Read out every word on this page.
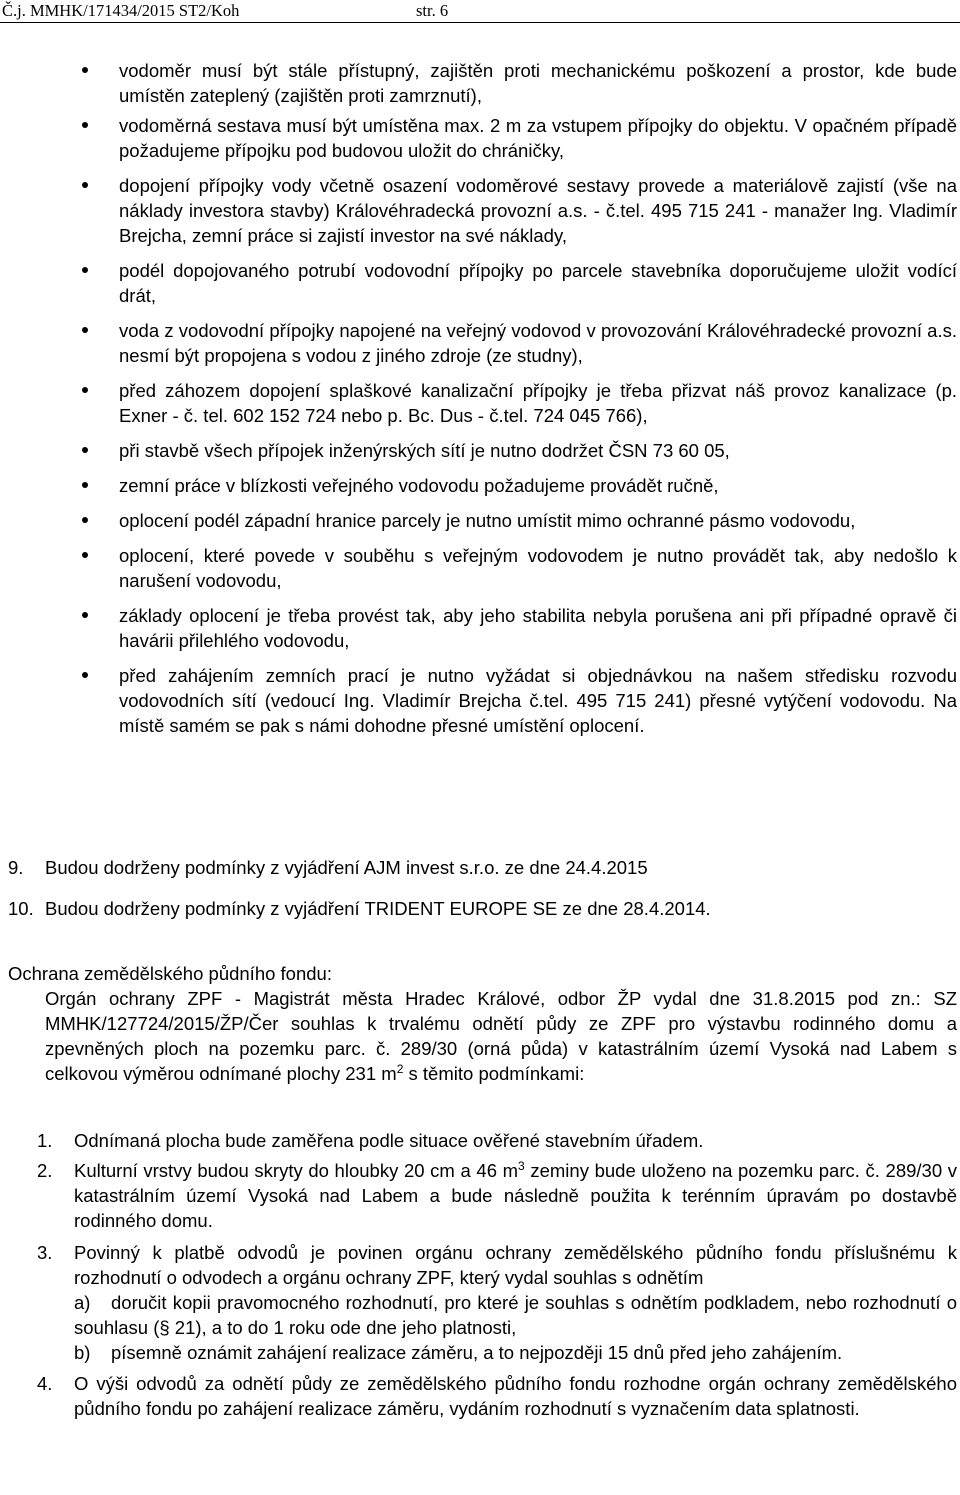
Č.j. MMHK/171434/2015 ST2/Koh	str. 6
vodoměr musí být stále přístupný, zajištěn proti mechanickému poškození a prostor, kde bude umístěn zateplený (zajištěn proti zamrznutí),
vodoměrná sestava musí být umístěna max. 2 m za vstupem přípojky do objektu. V opačném případě požadujeme přípojku pod budovou uložit do chráničky,
dopojení přípojky vody včetně osazení vodoměrové sestavy provede a materiálově zajistí (vše na náklady investora stavby) Královéhradecká provozní a.s. - č.tel. 495 715 241 - manažer Ing. Vladimír Brejcha, zemní práce si zajistí investor na své náklady,
podél dopojovaného potrubí vodovodní přípojky po parcele stavebníka doporučujeme uložit vodící drát,
voda z vodovodní přípojky napojené na veřejný vodovod v provozování Královéhradecké provozní a.s. nesmí být propojena s vodou z jiného zdroje (ze studny),
před záhozem dopojení splaškové kanalizační přípojky je třeba přizvat náš provoz kanalizace (p. Exner - č. tel. 602 152 724 nebo p. Bc. Dus - č.tel. 724 045 766),
při stavbě všech přípojek inženýrských sítí je nutno dodržet ČSN 73 60 05,
zemní práce v blízkosti veřejného vodovodu požadujeme provádět ručně,
oplocení podél západní hranice parcely je nutno umístit mimo ochranné pásmo vodovodu,
oplocení, které povede v souběhu s veřejným vodovodem je nutno provádět tak, aby nedošlo k narušení vodovodu,
základy oplocení je třeba provést tak, aby jeho stabilita nebyla porušena ani při případné opravě či havárii přilehlého vodovodu,
před zahájením zemních prací je nutno vyžádat si objednávkou na našem středisku rozvodu vodovodních sítí (vedoucí Ing. Vladimír Brejcha č.tel. 495 715 241) přesné vytýčení vodovodu. Na místě samém se pak s námi dohodne přesné umístění oplocení.
9. Budou dodrženy podmínky z vyjádření AJM invest s.r.o. ze dne 24.4.2015
10. Budou dodrženy podmínky z vyjádření TRIDENT EUROPE SE ze dne 28.4.2014.
Ochrana zemědělského půdního fondu:
Orgán ochrany ZPF - Magistrát města Hradec Králové, odbor ŽP vydal dne 31.8.2015 pod zn.: SZ MMHK/127724/2015/ŽP/Čer souhlas k trvalému odnětí půdy ze ZPF pro výstavbu rodinného domu a zpevněných ploch na pozemku parc. č. 289/30 (orná půda) v katastrálním území Vysoká nad Labem s celkovou výměrou odnímané plochy 231 $m^2$ s těmito podmínkami:
1. Odnímaná plocha bude zaměřena podle situace ověřené stavebním úřadem.
2. Kulturní vrstvy budou skryty do hloubky 20 cm a 46 $m^3$ zeminy bude uloženo na pozemku parc. č. 289/30 v katastrálním území Vysoká nad Labem a bude následně použita k terénním úpravám po dostavbě rodinného domu.
3. Povinný k platbě odvodů je povinen orgánu ochrany zemědělského půdního fondu příslušnému k rozhodnutí o odvodech a orgánu ochrany ZPF, který vydal souhlas s odnětím
a) doručit kopii pravomocného rozhodnutí, pro které je souhlas s odnětím podkladem, nebo rozhodnutí o souhlasu (§ 21), a to do 1 roku ode dne jeho platnosti,
b) písemně oznámit zahájení realizace záměru, a to nejpozději 15 dnů před jeho zahájením.
4. O výši odvodů za odnětí půdy ze zemědělského půdního fondu rozhodne orgán ochrany zemědělského půdního fondu po zahájení realizace záměru, vydáním rozhodnutí s vyznačením data splatnosti.
